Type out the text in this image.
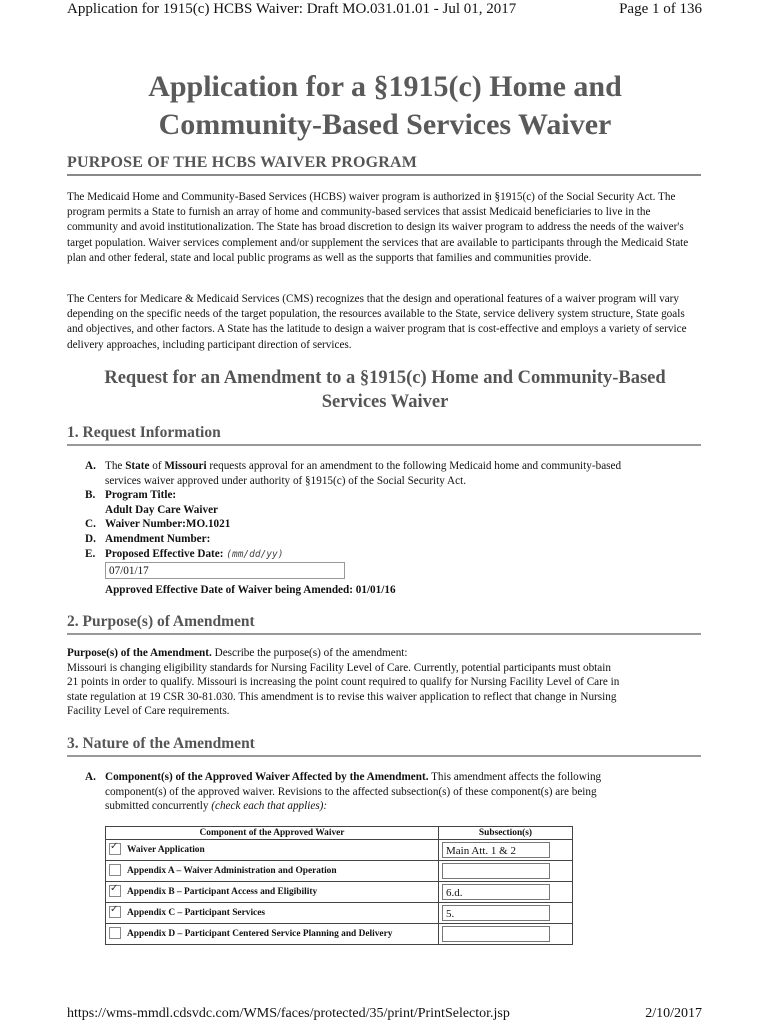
Application for 1915(c) HCBS Waiver: Draft MO.031.01.01 - Jul 01, 2017	Page 1 of 136
Application for a §1915(c) Home and
Community-Based Services Waiver
PURPOSE OF THE HCBS WAIVER PROGRAM
The Medicaid Home and Community-Based Services (HCBS) waiver program is authorized in §1915(c) of the Social Security Act. The program permits a State to furnish an array of home and community-based services that assist Medicaid beneficiaries to live in the community and avoid institutionalization. The State has broad discretion to design its waiver program to address the needs of the waiver's target population. Waiver services complement and/or supplement the services that are available to participants through the Medicaid State plan and other federal, state and local public programs as well as the supports that families and communities provide.
The Centers for Medicare & Medicaid Services (CMS) recognizes that the design and operational features of a waiver program will vary depending on the specific needs of the target population, the resources available to the State, service delivery system structure, State goals and objectives, and other factors. A State has the latitude to design a waiver program that is cost-effective and employs a variety of service delivery approaches, including participant direction of services.
Request for an Amendment to a §1915(c) Home and Community-Based
Services Waiver
1. Request Information
A. The State of Missouri requests approval for an amendment to the following Medicaid home and community-based
services waiver approved under authority of §1915(c) of the Social Security Act.
B. Program Title:
Adult Day Care Waiver
C. Waiver Number:MO.1021
D. Amendment Number:
E. Proposed Effective Date: (mm/dd/yy)
07/01/17
Approved Effective Date of Waiver being Amended: 01/01/16
2. Purpose(s) of Amendment
Purpose(s) of the Amendment. Describe the purpose(s) of the amendment:
Missouri is changing eligibility standards for Nursing Facility Level of Care. Currently, potential participants must obtain
21 points in order to qualify. Missouri is increasing the point count required to qualify for Nursing Facility Level of Care in
state regulation at 19 CSR 30-81.030. This amendment is to revise this waiver application to reflect that change in Nursing
Facility Level of Care requirements.
3. Nature of the Amendment
A. Component(s) of the Approved Waiver Affected by the Amendment. This amendment affects the following
component(s) of the approved waiver. Revisions to the affected subsection(s) of these component(s) are being
submitted concurrently (check each that applies):
Component of the Approved Waiver	Subsection(s)
✓Waiver Application	Main Att. 1 & 2

Appendix A – Waiver Administration and Operation	

✓Appendix B – Participant Access and Eligibility	6.d.

✓Appendix C – Participant Services	5.

Appendix D – Participant Centered Service Planning and Delivery	
https://wms-mmdl.cdsvdc.com/WMS/faces/protected/35/print/PrintSelector.jsp	2/10/2017
